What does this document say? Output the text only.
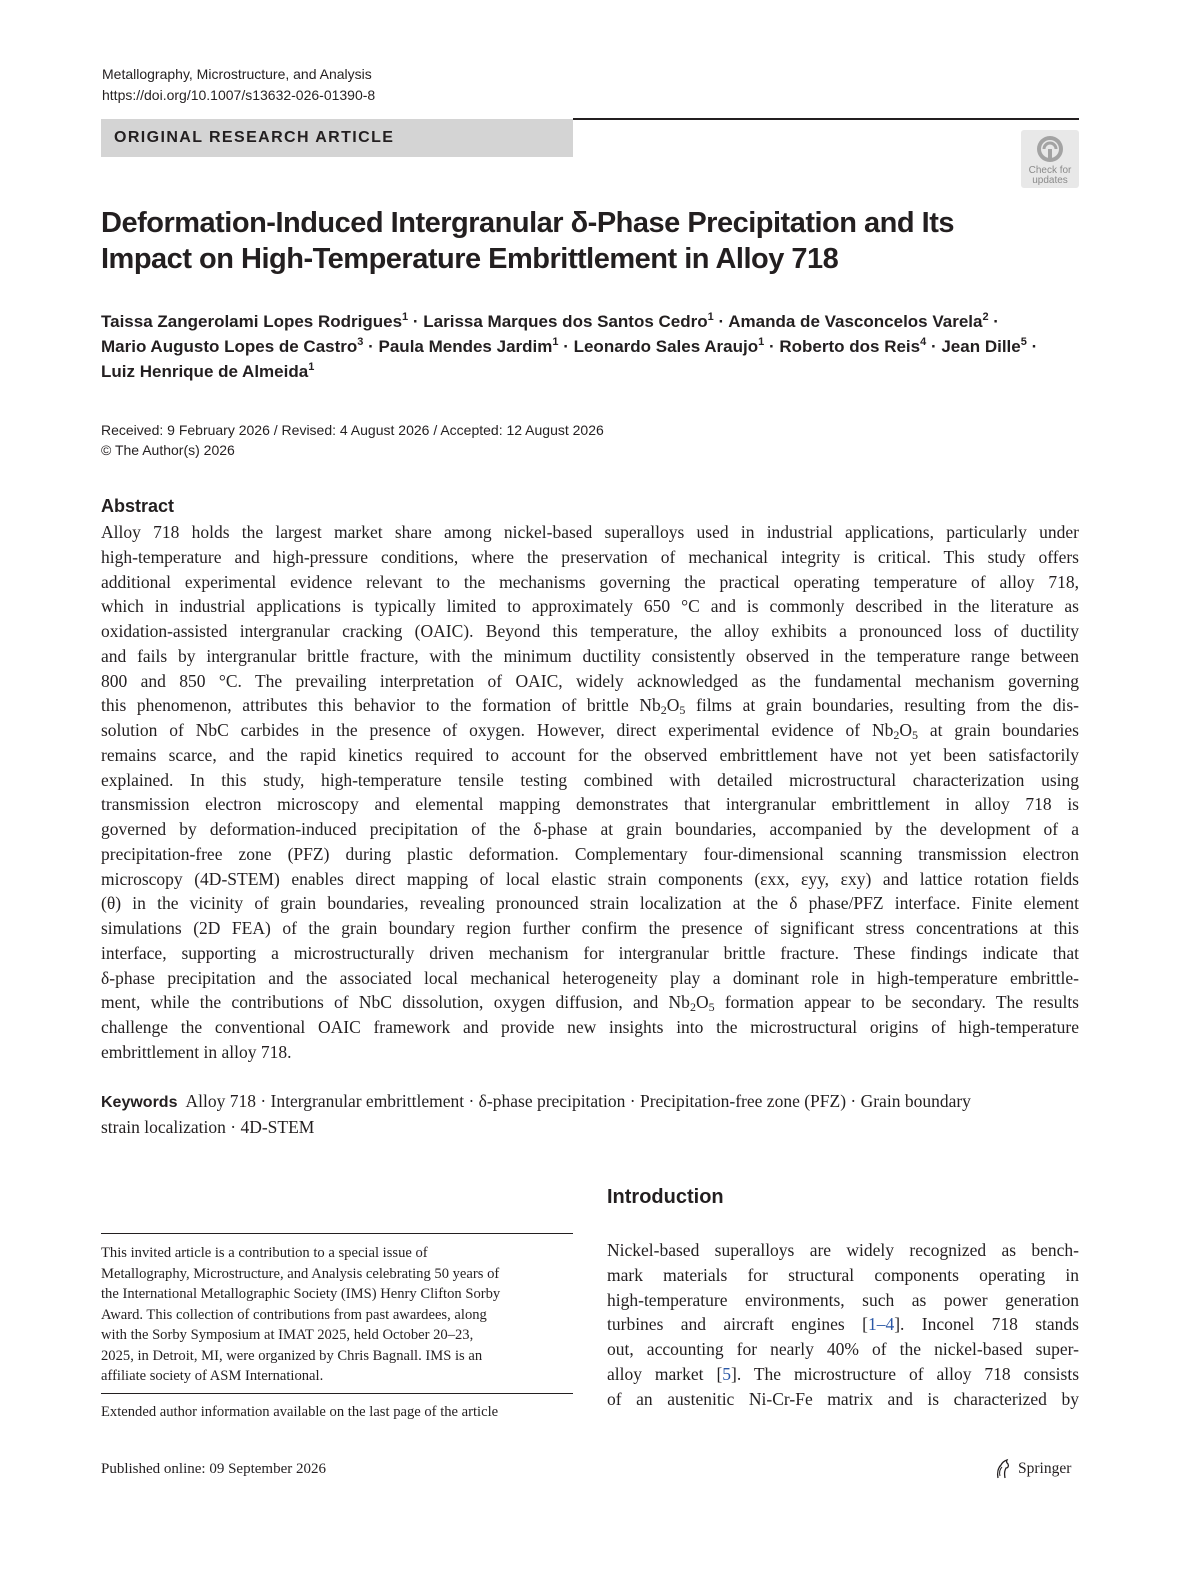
Metallography, Microstructure, and Analysis
https://doi.org/10.1007/s13632-026-01390-8
ORIGINAL RESEARCH ARTICLE
Check for
updates
Deformation-Induced Intergranular δ-Phase Precipitation and Its
Impact on High-Temperature Embrittlement in Alloy 718
Taissa Zangerolami Lopes Rodrigues$^1$ · Larissa Marques dos Santos Cedro$^1$ · Amanda de Vasconcelos Varela$^2$ ·
Mario Augusto Lopes de Castro$^3$ · Paula Mendes Jardim$^1$ · Leonardo Sales Araujo$^1$ · Roberto dos Reis$^4$ · Jean Dille$^5$ ·
Luiz Henrique de Almeida$^1$
Received: 9 February 2026 / Revised: 4 August 2026 / Accepted: 12 August 2026
© The Author(s) 2026
Abstract
Alloy 718 holds the largest market share among nickel-based superalloys used in industrial applications, particularly under
high-temperature and high-pressure conditions, where the preservation of mechanical integrity is critical. This study offers
additional experimental evidence relevant to the mechanisms governing the practical operating temperature of alloy 718,
which in industrial applications is typically limited to approximately 650 °C and is commonly described in the literature as
oxidation-assisted intergranular cracking (OAIC). Beyond this temperature, the alloy exhibits a pronounced loss of ductility
and fails by intergranular brittle fracture, with the minimum ductility consistently observed in the temperature range between
800 and 850 °C. The prevailing interpretation of OAIC, widely acknowledged as the fundamental mechanism governing
this phenomenon, attributes this behavior to the formation of brittle $Nb_2O_5$ films at grain boundaries, resulting from the dis-
solution of NbC carbides in the presence of oxygen. However, direct experimental evidence of $Nb_2O_5$ at grain boundaries
remains scarce, and the rapid kinetics required to account for the observed embrittlement have not yet been satisfactorily
explained. In this study, high-temperature tensile testing combined with detailed microstructural characterization using
transmission electron microscopy and elemental mapping demonstrates that intergranular embrittlement in alloy 718 is
governed by deformation-induced precipitation of the δ-phase at grain boundaries, accompanied by the development of a
precipitation-free zone (PFZ) during plastic deformation. Complementary four-dimensional scanning transmission electron
microscopy (4D-STEM) enables direct mapping of local elastic strain components (εxx, εyy, εxy) and lattice rotation fields
(θ) in the vicinity of grain boundaries, revealing pronounced strain localization at the δ phase/PFZ interface. Finite element
simulations (2D FEA) of the grain boundary region further confirm the presence of significant stress concentrations at this
interface, supporting a microstructurally driven mechanism for intergranular brittle fracture. These findings indicate that
δ-phase precipitation and the associated local mechanical heterogeneity play a dominant role in high-temperature embrittle-
ment, while the contributions of NbC dissolution, oxygen diffusion, and $Nb_2O_5$ formation appear to be secondary. The results
challenge the conventional OAIC framework and provide new insights into the microstructural origins of high-temperature
embrittlement in alloy 718.
Keywords Alloy 718 · Intergranular embrittlement · δ-phase precipitation · Precipitation-free zone (PFZ) · Grain boundary
strain localization · 4D-STEM
Introduction
Nickel-based superalloys are widely recognized as bench-
mark materials for structural components operating in
high-temperature environments, such as power generation
turbines and aircraft engines [1–4]. Inconel 718 stands
out, accounting for nearly 40% of the nickel-based super-
alloy market [5]. The microstructure of alloy 718 consists
of an austenitic Ni-Cr-Fe matrix and is characterized by
This invited article is a contribution to a special issue of
Metallography, Microstructure, and Analysis celebrating 50 years of
the International Metallographic Society (IMS) Henry Clifton Sorby
Award. This collection of contributions from past awardees, along
with the Sorby Symposium at IMAT 2025, held October 20–23,
2025, in Detroit, MI, were organized by Chris Bagnall. IMS is an
affiliate society of ASM International.
Extended author information available on the last page of the article
Published online: 09 September 2026	Springer
